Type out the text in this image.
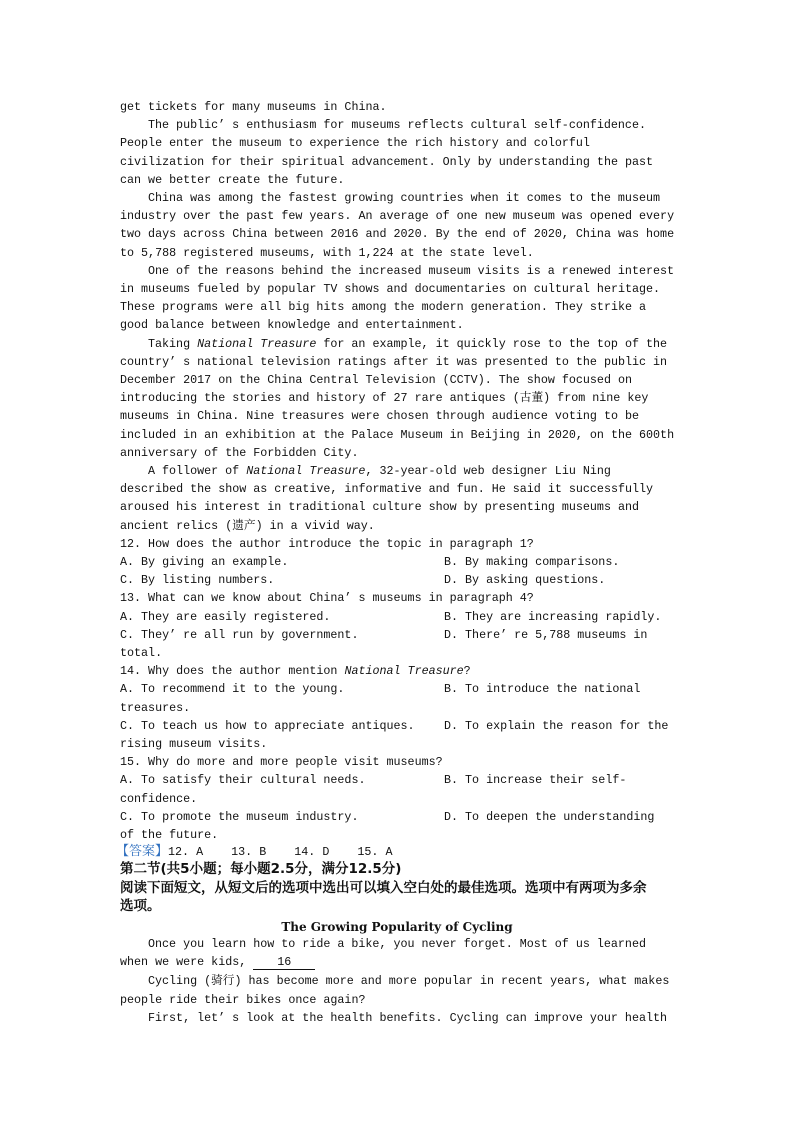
get tickets for many museums in China.
The public’ s enthusiasm for museums reflects cultural self-confidence.
People enter the museum to experience the rich history and colorful
civilization for their spiritual advancement. Only by understanding the past
can we better create the future.
China was among the fastest growing countries when it comes to the museum
industry over the past few years. An average of one new museum was opened every
two days across China between 2016 and 2020. By the end of 2020, China was home
to 5,788 registered museums, with 1,224 at the state level.
One of the reasons behind the increased museum visits is a renewed interest
in museums fueled by popular TV shows and documentaries on cultural heritage.
These programs were all big hits among the modern generation. They strike a
good balance between knowledge and entertainment.
Taking National Treasure for an example, it quickly rose to the top of the
country’ s national television ratings after it was presented to the public in
December 2017 on the China Central Television (CCTV). The show focused on
introducing the stories and history of 27 rare antiques (古董) from nine key
museums in China. Nine treasures were chosen through audience voting to be
included in an exhibition at the Palace Museum in Beijing in 2020, on the 600th
anniversary of the Forbidden City.
A follower of National Treasure, 32-year-old web designer Liu Ning
described the show as creative, informative and fun. He said it successfully
aroused his interest in traditional culture show by presenting museums and
ancient relics (遗产) in a vivid way.
12. How does the author introduce the topic in paragraph 1?
A. By giving an example.	B. By making comparisons.
C. By listing numbers.	D. By asking questions.
13. What can we know about China’ s museums in paragraph 4?
A. They are easily registered.	B. They are increasing rapidly.
C. They’ re all run by government.	D. There’ re 5,788 museums in
total.
14. Why does the author mention National Treasure?
A. To recommend it to the young.	B. To introduce the national
treasures.
C. To teach us how to appreciate antiques.	D. To explain the reason for the
rising museum visits.
15. Why do more and more people visit museums?
A. To satisfy their cultural needs.	B. To increase their self-
confidence.
C. To promote the museum industry.	D. To deepen the understanding
of the future.
【答案】12. A    13. B    14. D    15. A
第二节(共5小题；每小题2.5分，满分12.5分)
阅读下面短文，从短文后的选项中选出可以填入空白处的最佳选项。选项中有两项为多余
选项。
The Growing Popularity of Cycling
Once you learn how to ride a bike, you never forget. Most of us learned
when we were kids, 16
Cycling (骑行) has become more and more popular in recent years, what makes
people ride their bikes once again?
First, let’ s look at the health benefits. Cycling can improve your health
